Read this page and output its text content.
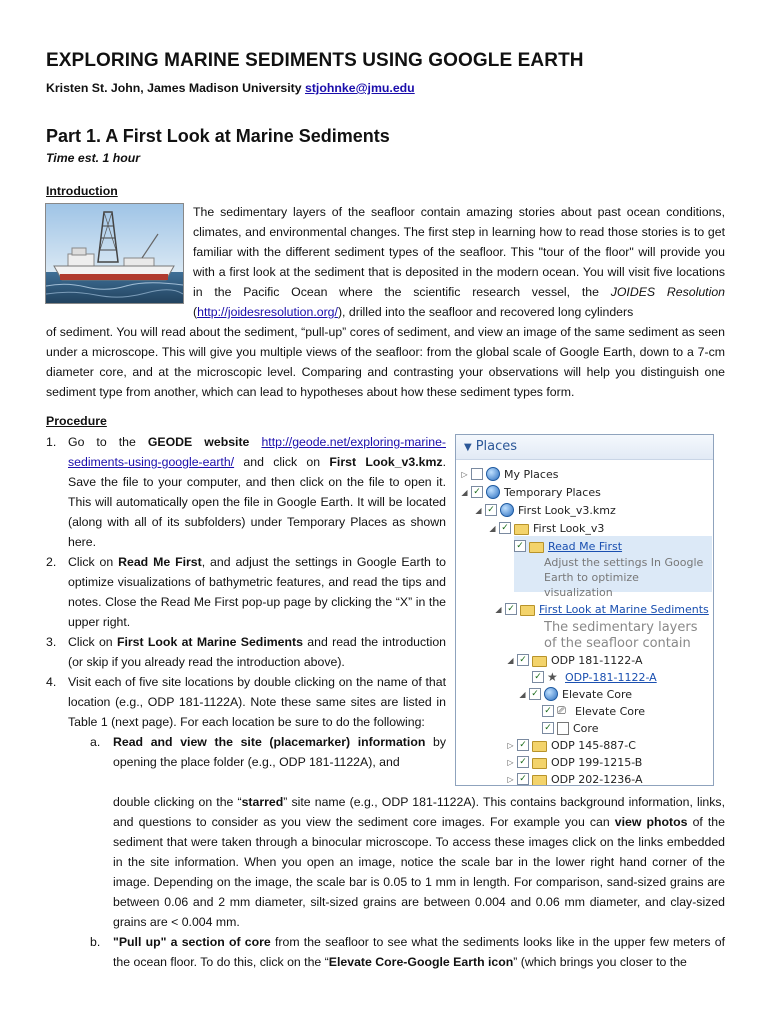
EXPLORING MARINE SEDIMENTS USING GOOGLE EARTH
Kristen St. John, James Madison University stjohnke@jmu.edu
Part 1. A First Look at Marine Sediments
Time est. 1 hour
Introduction

The sedimentary layers of the seafloor contain amazing stories about past ocean conditions, climates, and environmental changes. The first step in learning how to read those stories is to get familiar with the different sediment types of the seafloor. This "tour of the floor" will provide you with a first look at the sediment that is deposited in the modern ocean. You will visit five locations in the Pacific Ocean where the scientific research vessel, the JOIDES Resolution (http://joidesresolution.org/), drilled into the seafloor and recovered long cylinders

of sediment. You will read about the sediment, “pull-up” cores of sediment, and view an image of the same sediment as seen under a microscope. This will give you multiple views of the seafloor: from the global scale of Google Earth, down to a 7-cm diameter core, and at the microscopic level. Comparing and contrasting your observations will help you distinguish one sediment type from another, which can lead to hypotheses about how these sediment types form.

Procedure
1. Go to the GEODE website http://geode.net/exploring-marine-sediments-using-google-earth/ and click on First Look_v3.kmz. Save the file to your computer, and then click on the file to open it. This will automatically open the file in Google Earth. It will be located (along with all of its subfolders) under Temporary Places as shown here.
2. Click on Read Me First, and adjust the settings in Google Earth to optimize visualizations of bathymetric features, and read the tips and notes. Close the Read Me First pop-up page by clicking the “X” in the upper right.
3. Click on First Look at Marine Sediments and read the introduction (or skip if you already read the introduction above).
4. Visit each of five site locations by double clicking on the name of that location (e.g., ODP 181-1122A). Note these same sites are listed in Table 1 (next page). For each location be sure to do the following:
a. Read and view the site (placemarker) information by opening the place folder (e.g., ODP 181-1122A), and
double clicking on the “starred” site name (e.g., ODP 181-1122A). This contains background information, links, and questions to consider as you view the sediment core images. For example you can view photos of the sediment that were taken through a binocular microscope. To access these images click on the links embedded in the site information. When you open an image, notice the scale bar in the lower right hand corner of the image. Depending on the image, the scale bar is 0.05 to 1 mm in length. For comparison, sand-sized grains are between 0.06 and 2 mm diameter, silt-sized grains are between 0.004 and 0.06 mm diameter, and clay-sized grains are < 0.004 mm.
b. "Pull up" a section of core from the seafloor to see what the sediments looks like in the upper few meters of the ocean floor. To do this, click on the “Elevate Core-Google Earth icon” (which brings you closer to the
▼ Places
▷	My Places
◢ ✓ Temporary Places
◢ ✓ First Look_v3.kmz
◢ ✓ First Look_v3
✓ Read Me First
Adjust the settings In Google Earth to optimize visualization
◢ ✓ First Look at Marine Sediments
The sedimentary layers of the seafloor contain
◢ ✓ ODP 181-1122-A
✓ ★ ODP-181-1122-A
◢ ✓ Elevate Core
✓ ⎚ Elevate Core
✓ Core
▷ ✓ ODP 145-887-C
▷ ✓ ODP 199-1215-B
▷ ✓ ODP 202-1236-A
